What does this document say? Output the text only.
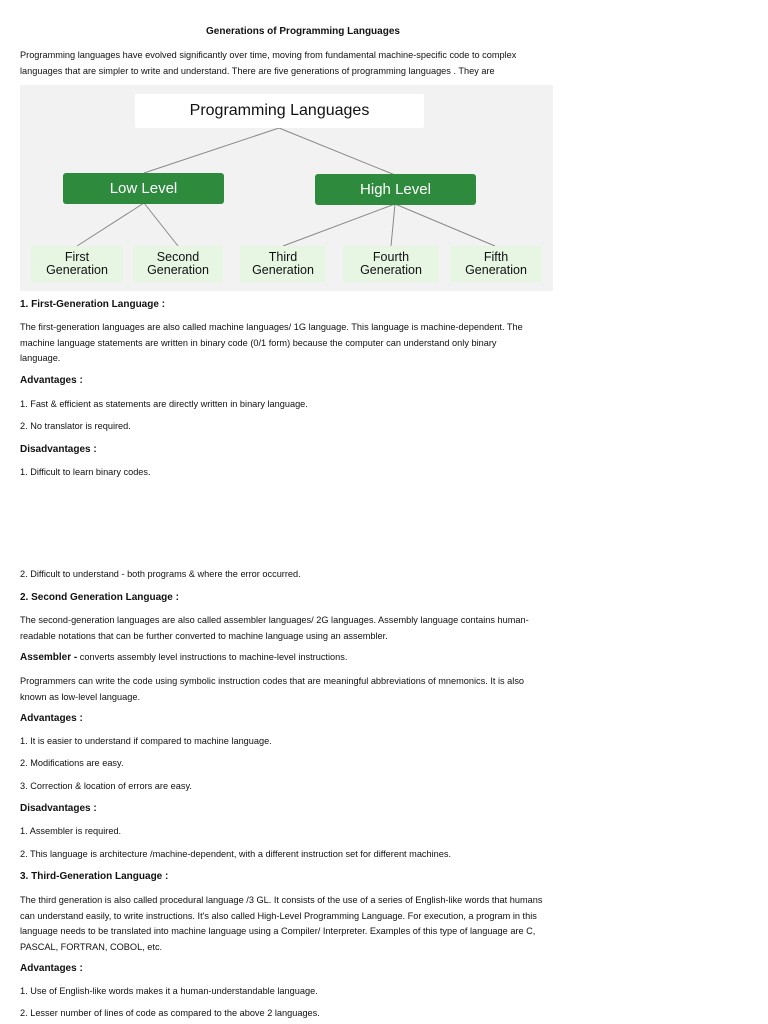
Generations of Programming Languages
Programming languages have evolved significantly over time, moving from fundamental machine-specific code to complex
languages that are simpler to write and understand. There are five generations of programming languages . They are
Programming Languages
Low Level	High Level
First
Generation
Second
Generation
Third
Generation
Fourth
Generation
Fifth
Generation
1. First-Generation Language :
The first-generation languages are also called machine languages/ 1G language. This language is machine-dependent. The
machine language statements are written in binary code (0/1 form) because the computer can understand only binary
language.
Advantages :
1. Fast & efficient as statements are directly written in binary language.
2. No translator is required.
Disadvantages :
1. Difficult to learn binary codes.
2. Difficult to understand - both programs & where the error occurred.
2. Second Generation Language :
The second-generation languages are also called assembler languages/ 2G languages. Assembly language contains human-
readable notations that can be further converted to machine language using an assembler.
Assembler - converts assembly level instructions to machine-level instructions.
Programmers can write the code using symbolic instruction codes that are meaningful abbreviations of mnemonics. It is also
known as low-level language.
Advantages :
1. It is easier to understand if compared to machine language.
2. Modifications are easy.
3. Correction & location of errors are easy.
Disadvantages :
1. Assembler is required.
2. This language is architecture /machine-dependent, with a different instruction set for different machines.
3. Third-Generation Language :
The third generation is also called procedural language /3 GL. It consists of the use of a series of English-like words that humans
can understand easily, to write instructions. It's also called High-Level Programming Language. For execution, a program in this
language needs to be translated into machine language using a Compiler/ Interpreter. Examples of this type of language are C,
PASCAL, FORTRAN, COBOL, etc.
Advantages :
1. Use of English-like words makes it a human-understandable language.
2. Lesser number of lines of code as compared to the above 2 languages.
